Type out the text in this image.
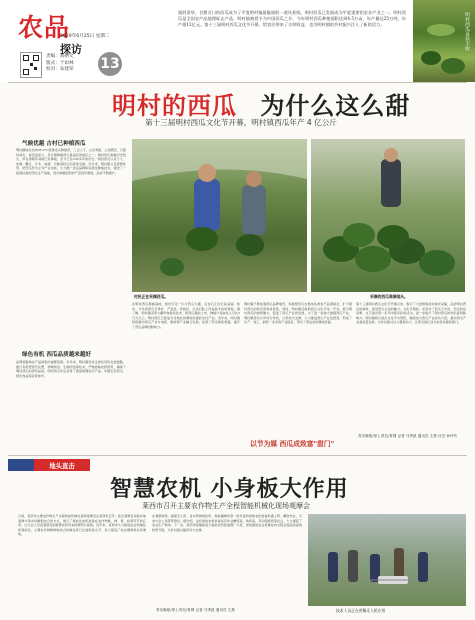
农品
2019年6月25日 星期二
探访
13
责编：高朝文
版式：于如林
校对：朱建荣
奥胜莱华，甘甜可口的西瓜成为了平度明村镇最靓丽的一道风景线，明村西瓜已发展成为平度重要的农业产业之一。明村西瓜是全国农产品地理标志产品，明村镇被授予为中国西瓜之乡，今年明村西瓜种植面积达到4.5万亩，年产量达25万吨，年产值12亿元。第十三届明村西瓜文化节开幕，给农民带来了丰厚收益，也为明村镇的乡村振兴注入了新的活力。	明村西瓜喜获丰收
明村的西瓜 为什么这么甜
第十三届明村西瓜文化节开幕，明村镇西瓜年产 4 亿公斤
气候优越 古村已种植西瓜
明村镇地处北纬36.9°C度黄金瓜种植带，三合山下，山水秀丽，土地肥沃，日照时间长，昼夜温差大，是全国种植西瓜最适宜的地区之一。明村西瓜种植历史悠久，早在清朝年间就已有种植，至今已有200多年的历史。明村西瓜以其个大、皮薄、瓤红、汁多、味甜、沙脆等特点而享誉全国。近年来，明村镇立足资源优势，把西瓜作为主导产业来抓，大力推广优良品种和标准化种植技术，建设了一批高标准的西瓜生产基地，西瓜种植面积和产量逐年增加，品质不断提升。
绿色有机 西瓜品质越来越好
品牌是影响农产品销售的重要因素。多年来，明村镇坚持走绿色有机发展道路，推行有机肥替代化肥、物理防治、生物防治等技术，严格控制农药使用，确保了明村西瓜的绿色品质。明村西瓜先后获得了国家地理标志产品、中国名优西瓜、绿色食品等荣誉称号。
村民正在采摘西瓜。	采摘的西瓜堆满地头。
在明村西瓜种植基地，到处可见一片片西瓜大棚，瓜农们正在忙着采摘、装车。今年的西瓜长势好、产量高、价格好，瓜农们脸上洋溢着丰收的喜悦。据了解，明村镇采用大棚早熟栽培技术，使西瓜提前上市，种植户每亩收入可达2万元以上。明村西瓜已经成为当地农民增收致富的支柱产业。近年来，明村镇积极推动西瓜产业与电商、旅游等产业融合发展，拓宽了西瓜销售渠道，提升了西瓜品牌的影响力。
明村镇不断加强西瓜品牌建设，积极组织瓜农参加各类农产品展销会，扩大明村西瓜的知名度和美誉度。同时，明村镇还借助西瓜文化节这一平台，展示明村西瓜的独特魅力，促进了西瓜产业的发展。为了进一步做大做强西瓜产业，明村镇坚持以市场为导向，以科技为支撑，大力推进西瓜产业化经营，形成了生产、加工、销售一条龙的产业链条，带动了周边农民增收致富。
以节为媒 西瓜成致富"甜门"
第十三届明村西瓜文化节开幕以来，吸引了大批游客前来观光采摘，品尝明村西瓜的美味，感受西瓜文化的魅力。文化节期间，还举办了西瓜王评选、西瓜知识竞赛、文艺演出等一系列丰富多彩的活动，进一步提升了明村西瓜的知名度和影响力。明村镇将以此次文化节为契机，继续加大西瓜产业扶持力度，推动西瓜产业高质量发展，为乡村振兴注入强劲动力，让西瓜真正成为农民致富的甜门。
青岛晚报/掌上青岛/青网 记者 马秀凯 通讯员 王燕 付芸 孙玲玲
地头直击
智慧农机 小身板大作用
莱西市召开主要农作物生产全程智能机械化现场观摩会
日前，莱西市主要农作物生产全程智能机械化现场观摩会在莱西市召开。此次观摩会采取实地观摩与集中讲解相结合的方式，展示了智能化农机装备在农作物耕、种、管、收等环节的应用，让与会人员直观感受到智慧农机带来的便利与高效。近年来，莱西市大力推进农业机械化和智能化，主要农作物耕种收综合机械化率已达到较高水平，有力促进了农业增效和农民增收。
在观摩现场，植保无人机、自动驾驶拖拉机、智能播种机等一批先进的智能农机装备轮番上阵，精准作业，引来与会人员阵阵赞叹。据介绍，这些智能农机装备具有作业精度高、效率高、劳动强度低等优点，大大提高了农业生产效率。下一步，莱西市将继续加大智能农机装备推广力度，加快推进农业机械化向全程全面高质高效转型升级，为乡村振兴提供有力支撑。
青岛晚报/掌上青岛/青网 记者 马秀凯 通讯员 王燕	技术人员正在讲解无人机应用
